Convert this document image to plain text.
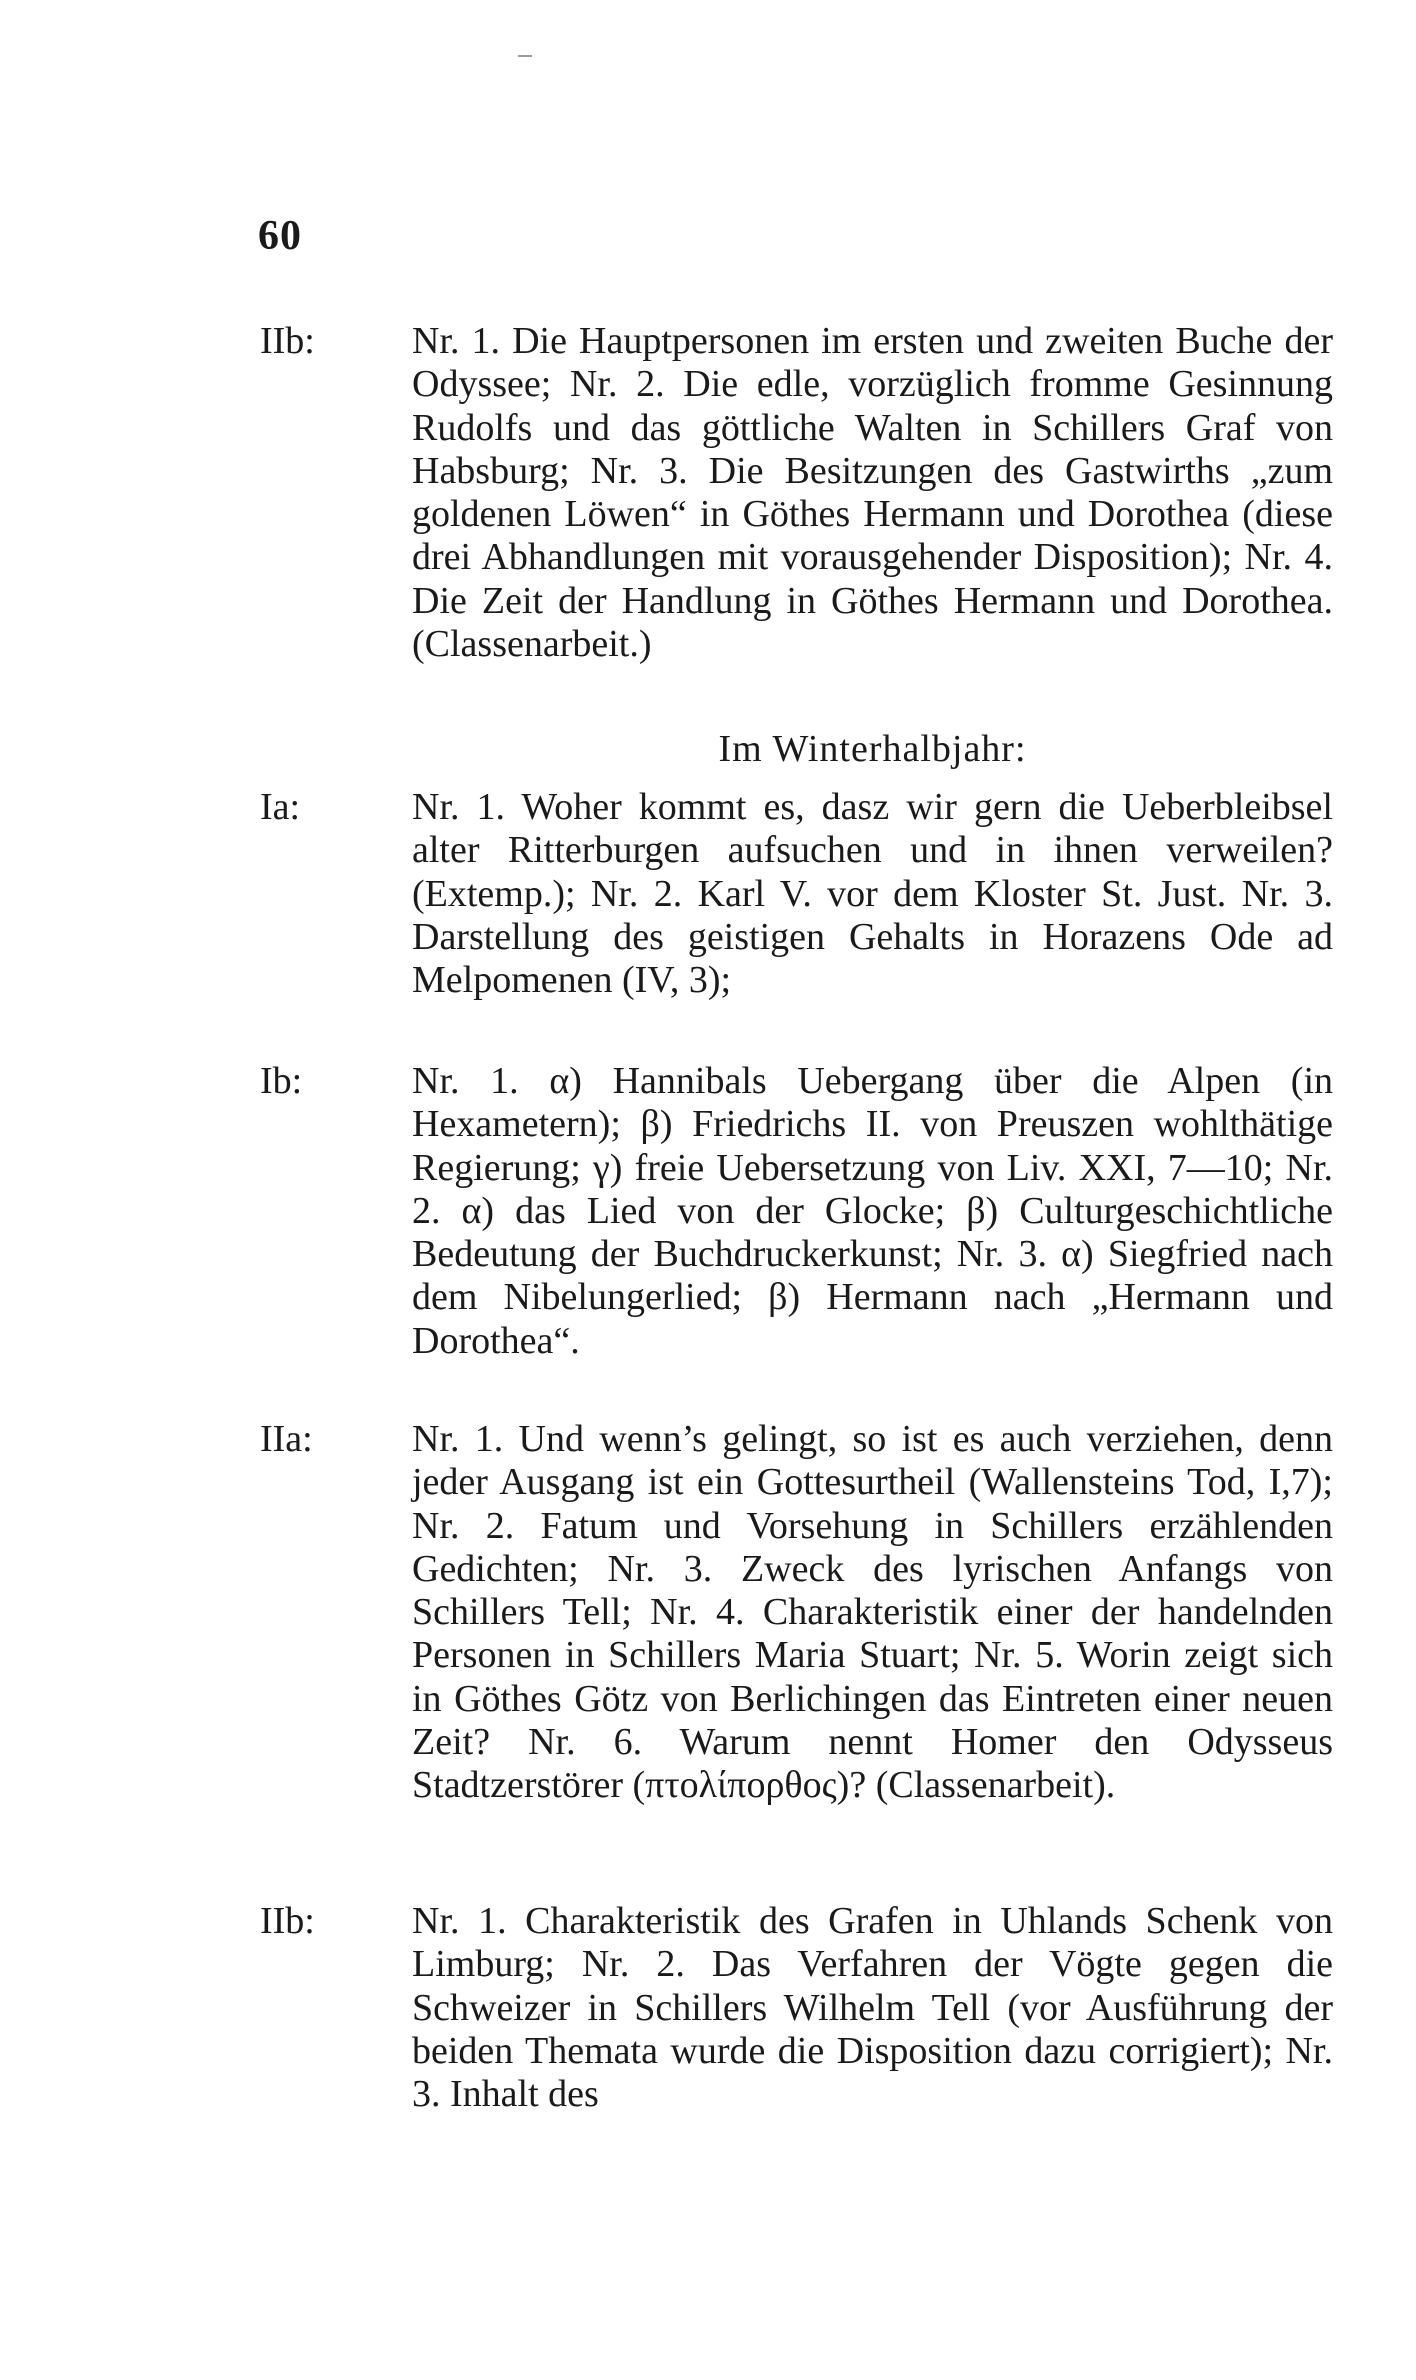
60
IIb:	Nr. 1. Die Hauptpersonen im ersten und zweiten Buche der Odyssee; Nr. 2. Die edle, vorzüglich fromme Gesinnung Rudolfs und das göttliche Walten in Schillers Graf von Habsburg; Nr. 3. Die Besitzungen des Gastwirths „zum goldenen Löwen“ in Göthes Hermann und Dorothea (diese drei Abhandlungen mit vorausgehender Disposition); Nr. 4. Die Zeit der Handlung in Göthes Hermann und Dorothea. (Classenarbeit.)
Im Winterhalbjahr:
Ia:	Nr. 1. Woher kommt es, dasz wir gern die Ueberbleibsel alter Ritterburgen aufsuchen und in ihnen verweilen? (Extemp.); Nr. 2. Karl V. vor dem Kloster St. Just. Nr. 3. Darstellung des geistigen Gehalts in Horazens Ode ad Melpomenen (IV, 3);
Ib:	Nr. 1. α) Hannibals Uebergang über die Alpen (in Hexametern); β) Friedrichs II. von Preuszen wohlthätige Regierung; γ) freie Uebersetzung von Liv. XXI, 7—10; Nr. 2. α) das Lied von der Glocke; β) Culturgeschichtliche Bedeutung der Buchdruckerkunst; Nr. 3. α) Siegfried nach dem Nibelungerlied; β) Hermann nach „Hermann und Dorothea“.
IIa:	Nr. 1. Und wenn’s gelingt, so ist es auch verziehen, denn jeder Ausgang ist ein Gottesurtheil (Wallensteins Tod, I,7); Nr. 2. Fatum und Vorsehung in Schillers erzählenden Gedichten; Nr. 3. Zweck des lyrischen Anfangs von Schillers Tell; Nr. 4. Charakteristik einer der handelnden Personen in Schillers Maria Stuart; Nr. 5. Worin zeigt sich in Göthes Götz von Berlichingen das Eintreten einer neuen Zeit? Nr. 6. Warum nennt Homer den Odysseus Stadtzerstörer (πτολίπορθος)? (Classenarbeit).
IIb:	Nr. 1. Charakteristik des Grafen in Uhlands Schenk von Limburg; Nr. 2. Das Verfahren der Vögte gegen die Schweizer in Schillers Wilhelm Tell (vor Ausführung der beiden Themata wurde die Disposition dazu corrigiert); Nr. 3. Inhalt des
